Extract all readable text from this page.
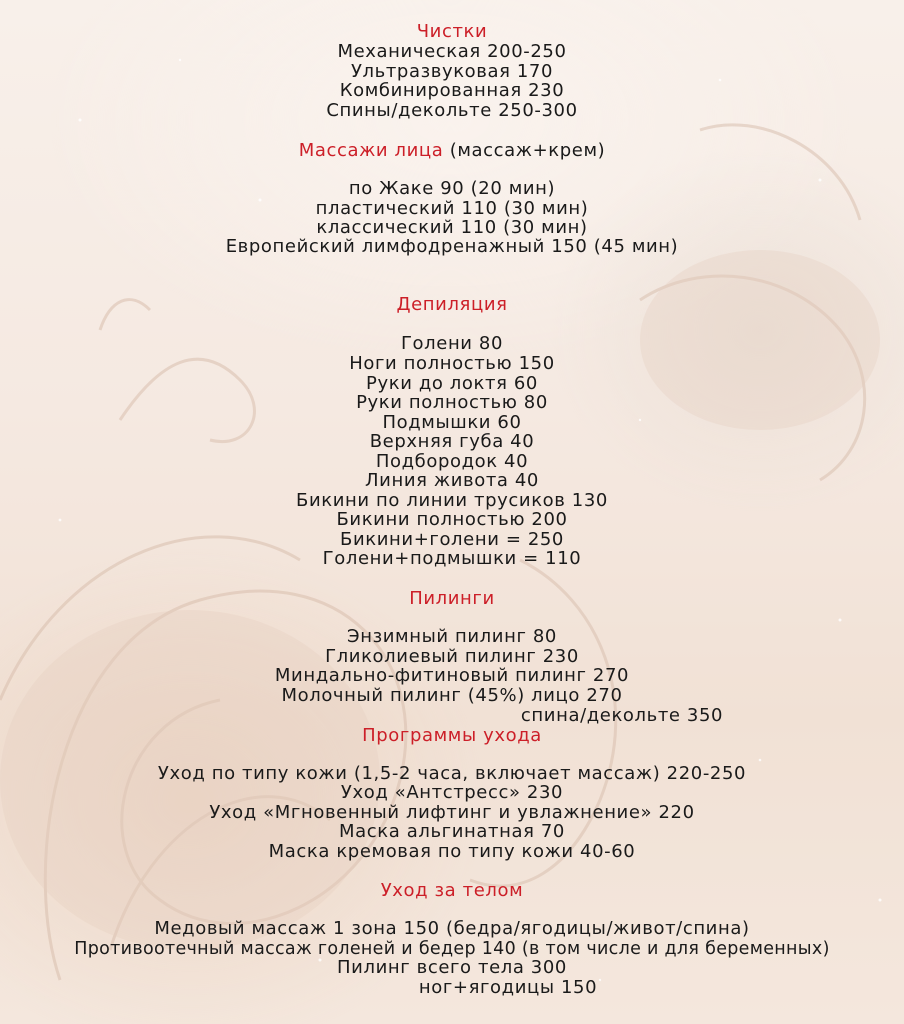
Чистки
Механическая 200-250
Ультразвуковая 170
Комбинированная 230
Спины/декольте 250-300
Массажи лица (массаж+крем)
по Жаке 90 (20 мин)
пластический 110 (30 мин)
классический 110 (30 мин)
Европейский лимфодренажный 150 (45 мин)
Депиляция
Голени 80
Ноги полностью 150
Руки до локтя 60
Руки полностью 80
Подмышки 60
Верхняя губа 40
Подбородок 40
Линия живота 40
Бикини по линии трусиков 130
Бикини полностью 200
Бикини+голени = 250
Голени+подмышки = 110
Пилинги
Энзимный пилинг 80
Гликолиевый пилинг 230
Миндально-фитиновый пилинг 270
Молочный пилинг (45%) лицо 270
спина/декольте 350
Программы ухода
Уход по типу кожи (1,5-2 часа, включает массаж) 220-250
Уход «Антстресс» 230
Уход «Мгновенный лифтинг и увлажнение» 220
Маска альгинатная 70
Маска кремовая по типу кожи 40-60
Уход за телом
Медовый массаж 1 зона 150 (бедра/ягодицы/живот/спина)
Противоотечный массаж голеней и бедер 140 (в том числе и для беременных)
Пилинг всего тела 300
ног+ягодицы 150
